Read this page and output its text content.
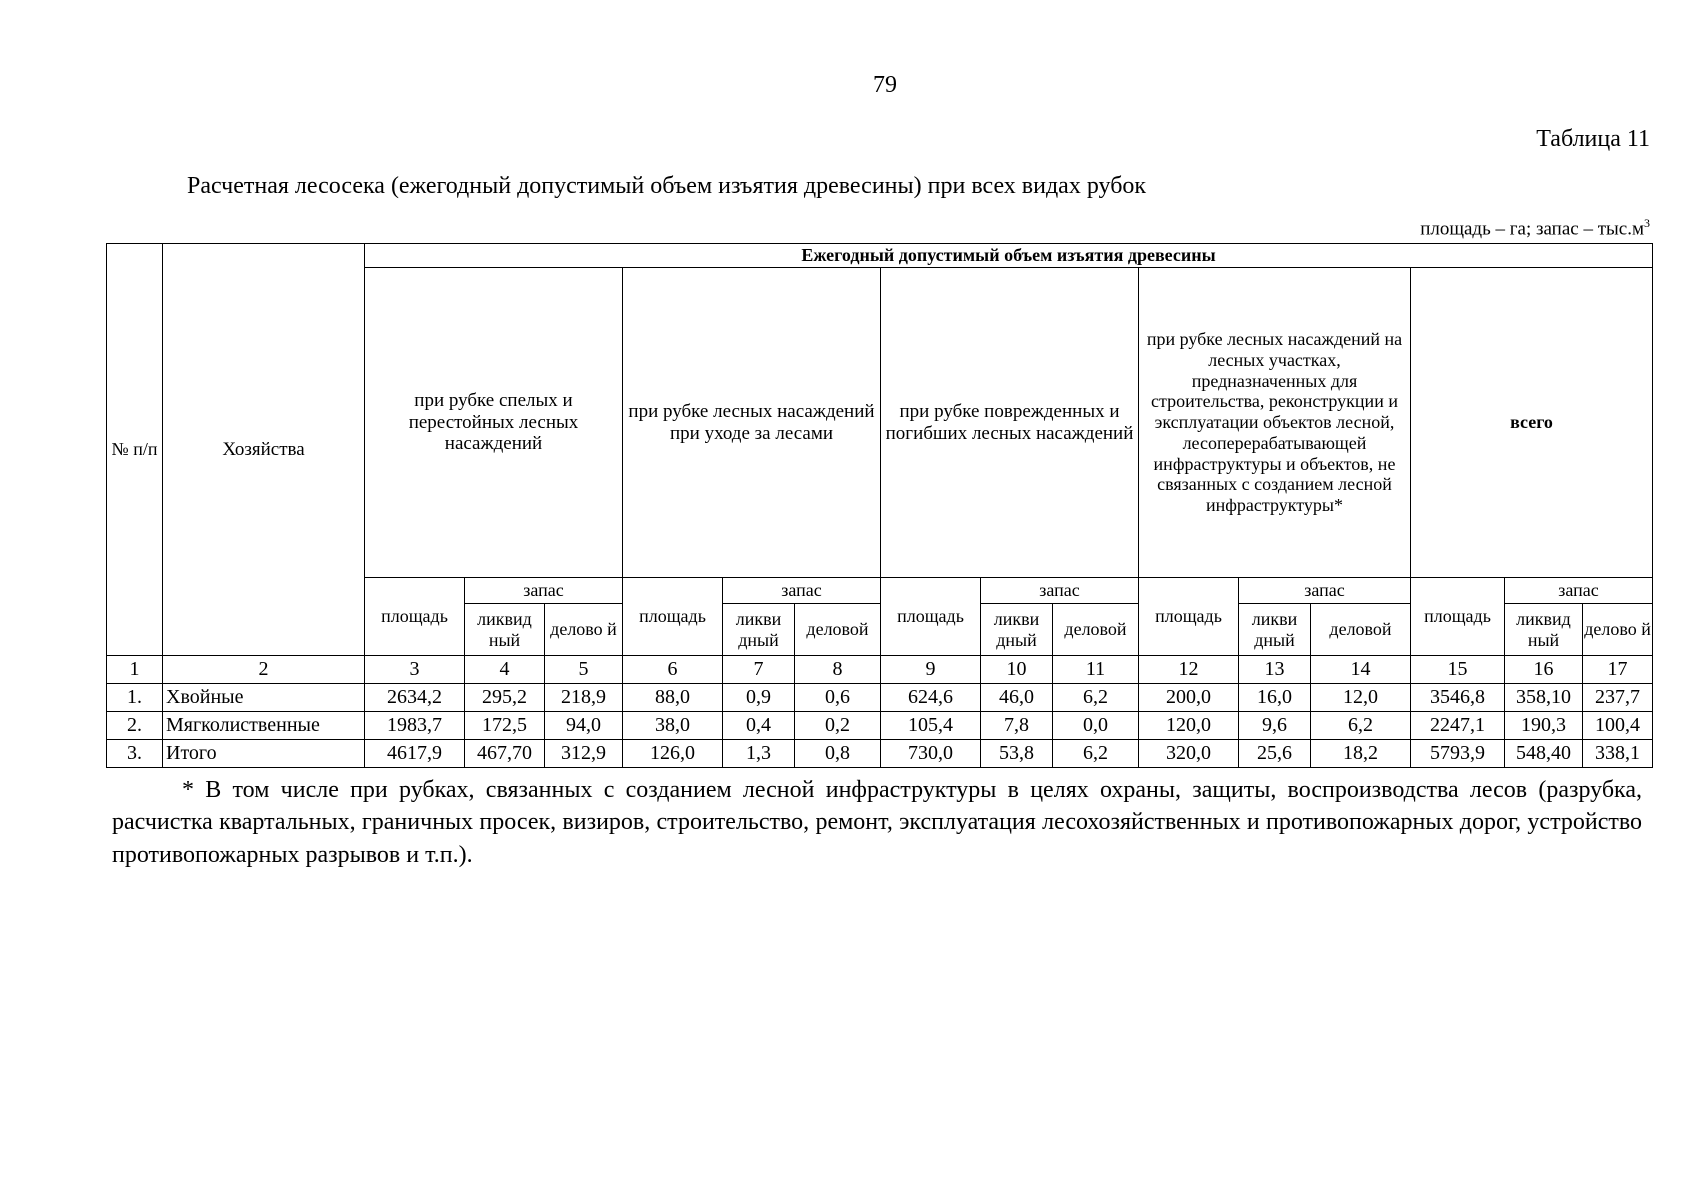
79
Таблица 11
Расчетная лесосека (ежегодный допустимый объем изъятия древесины) при всех видах рубок
площадь – га; запас – $тыс.м^3$
№ п/п	Хозяйства	Ежегодный допустимый объем изъятия древесины														
		при рубке спелых и перестойных лесных насаждений			при рубке лесных насаждений при уходе за лесами			при рубке поврежденных и погибших лесных насаждений			при рубке лесных насаждений на лесных участках, предназначенных для строительства, реконструкции и эксплуатации объектов лесной, лесоперерабатывающей инфраструктуры и объектов, не связанных с созданием лесной инфраструктуры*			всего		
		площадь	запас		площадь	запас		площадь	запас		площадь	запас		площадь	запас	
			ликвид ный	делово й		ликви дный	деловой		ликви дный	деловой		ликви дный	деловой		ликвид ный	делово й
1	2	3	4	5	6	7	8	9	10	11	12	13	14	15	16	17
1.	Хвойные	2634,2	295,2	218,9	88,0	0,9	0,6	624,6	46,0	6,2	200,0	16,0	12,0	3546,8	358,10	237,7
2.	Мягколиственные	1983,7	172,5	94,0	38,0	0,4	0,2	105,4	7,8	0,0	120,0	9,6	6,2	2247,1	190,3	100,4
3.	Итого	4617,9	467,70	312,9	126,0	1,3	0,8	730,0	53,8	6,2	320,0	25,6	18,2	5793,9	548,40	338,1
* В том числе при рубках, связанных с созданием лесной инфраструктуры в целях охраны, защиты, воспроизводства лесов (разрубка, расчистка квартальных, граничных просек, визиров, строительство, ремонт, эксплуатация лесохозяйственных и противопожарных дорог, устройство противопожарных разрывов и т.п.).
